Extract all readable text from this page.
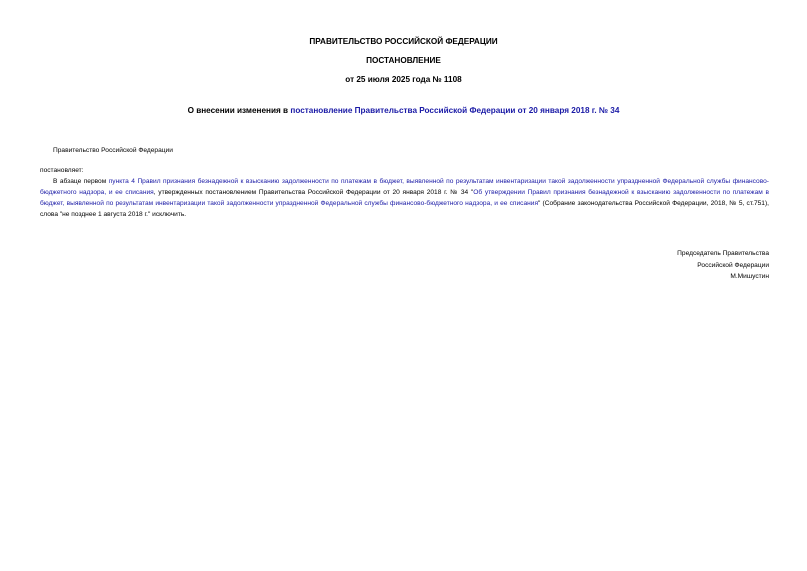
ПРАВИТЕЛЬСТВО РОССИЙСКОЙ ФЕДЕРАЦИИ
ПОСТАНОВЛЕНИЕ
от 25 июля 2025 года № 1108
О внесении изменения в постановление Правительства Российской Федерации от 20 января 2018 г. № 34
Правительство Российской Федерации
постановляет:
В абзаце первом пункта 4 Правил признания безнадежной к взысканию задолженности по платежам в бюджет, выявленной по результатам инвентаризации такой задолженности упраздненной Федеральной службы финансово-бюджетного надзора, и ее списания, утвержденных постановлением Правительства Российской Федерации от 20 января 2018 г. № 34 "Об утверждении Правил признания безнадежной к взысканию задолженности по платежам в бюджет, выявленной по результатам инвентаризации такой задолженности упраздненной Федеральной службы финансово-бюджетного надзора, и ее списания" (Собрание законодательства Российской Федерации, 2018, № 5, ст.751), слова "не позднее 1 августа 2018 г." исключить.
Председатель Правительства
Российской Федерации
М.Мишустин
